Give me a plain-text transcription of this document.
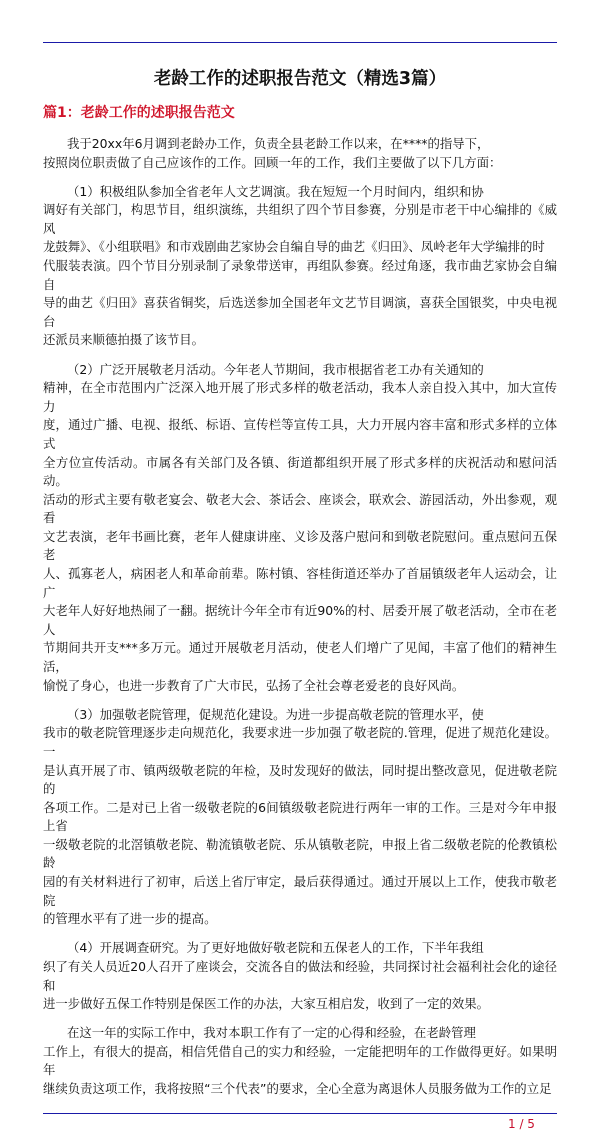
老龄工作的述职报告范文（精选3篇）
篇1：老龄工作的述职报告范文
我于20xx年6月调到老龄办工作，负责全县老龄工作以来，在****的指导下，
按照岗位职责做了自己应该作的工作。回顾一年的工作，我们主要做了以下几方面：
（1）积极组队参加全省老年人文艺调演。我在短短一个月时间内，组织和协
调好有关部门，构思节目，组织演练，共组织了四个节目参赛，分别是市老干中心编排的《威风
龙鼓舞》、《小组联唱》和市戏剧曲艺家协会自编自导的曲艺《归田》、凤岭老年大学编排的时
代服装表演。四个节目分别录制了录象带送审，再组队参赛。经过角逐，我市曲艺家协会自编自
导的曲艺《归田》喜获省铜奖，后选送参加全国老年文艺节目调演，喜获全国银奖，中央电视台
还派员来顺德拍摄了该节目。
（2）广泛开展敬老月活动。今年老人节期间，我市根据省老工办有关通知的
精神，在全市范围内广泛深入地开展了形式多样的敬老活动，我本人亲自投入其中，加大宣传力
度，通过广播、电视、报纸、标语、宣传栏等宣传工具，大力开展内容丰富和形式多样的立体式
全方位宣传活动。市属各有关部门及各镇、街道都组织开展了形式多样的庆祝活动和慰问活动。
活动的形式主要有敬老宴会、敬老大会、茶话会、座谈会，联欢会、游园活动，外出参观，观看
文艺表演，老年书画比赛，老年人健康讲座、义诊及落户慰问和到敬老院慰问。重点慰问五保老
人、孤寡老人，病困老人和革命前辈。陈村镇、容桂街道还举办了首届镇级老年人运动会，让广
大老年人好好地热闹了一翻。据统计今年全市有近90%的村、居委开展了敬老活动，全市在老人
节期间共开支***多万元。通过开展敬老月活动，使老人们增广了见闻，丰富了他们的精神生活，
愉悦了身心，也进一步教育了广大市民，弘扬了全社会尊老爱老的良好风尚。
（3）加强敬老院管理，促规范化建设。为进一步提高敬老院的管理水平，使
我市的敬老院管理逐步走向规范化，我要求进一步加强了敬老院的.管理，促进了规范化建设。一
是认真开展了市、镇两级敬老院的年检，及时发现好的做法，同时提出整改意见，促进敬老院的
各项工作。二是对已上省一级敬老院的6间镇级敬老院进行两年一审的工作。三是对今年申报上省
一级敬老院的北滘镇敬老院、勒流镇敬老院、乐从镇敬老院，申报上省二级敬老院的伦教镇松龄
园的有关材料进行了初审，后送上省厅审定，最后获得通过。通过开展以上工作，使我市敬老院
的管理水平有了进一步的提高。
（4）开展调查研究。为了更好地做好敬老院和五保老人的工作，下半年我组
织了有关人员近20人召开了座谈会，交流各自的做法和经验，共同探讨社会福利社会化的途径和
进一步做好五保工作特别是保医工作的办法，大家互相启发，收到了一定的效果。
在这一年的实际工作中，我对本职工作有了一定的心得和经验，在老龄管理
工作上，有很大的提高，相信凭借自己的实力和经验，一定能把明年的工作做得更好。如果明年
继续负责这项工作，我将按照“三个代表”的要求，全心全意为离退休人员服务做为工作的立足
1 / 5
